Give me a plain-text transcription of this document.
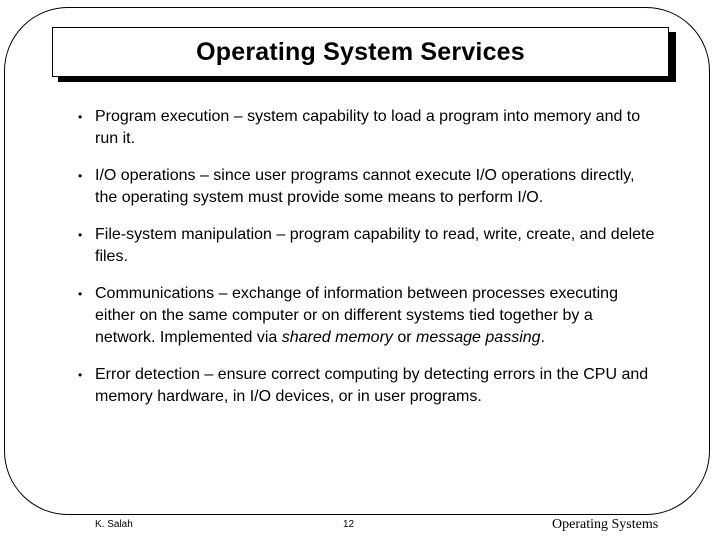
Operating System Services
• Program execution – system capability to load a program into memory and to run it.
• I/O operations – since user programs cannot execute I/O operations directly, the operating system must provide some means to perform I/O.
• File-system manipulation – program capability to read, write, create, and delete files.
• Communications – exchange of information between processes executing either on the same computer or on different systems tied together by a network. Implemented via shared memory or message passing.
• Error detection – ensure correct computing by detecting errors in the CPU and memory hardware, in I/O devices, or in user programs.
K. Salah	12	Operating Systems
